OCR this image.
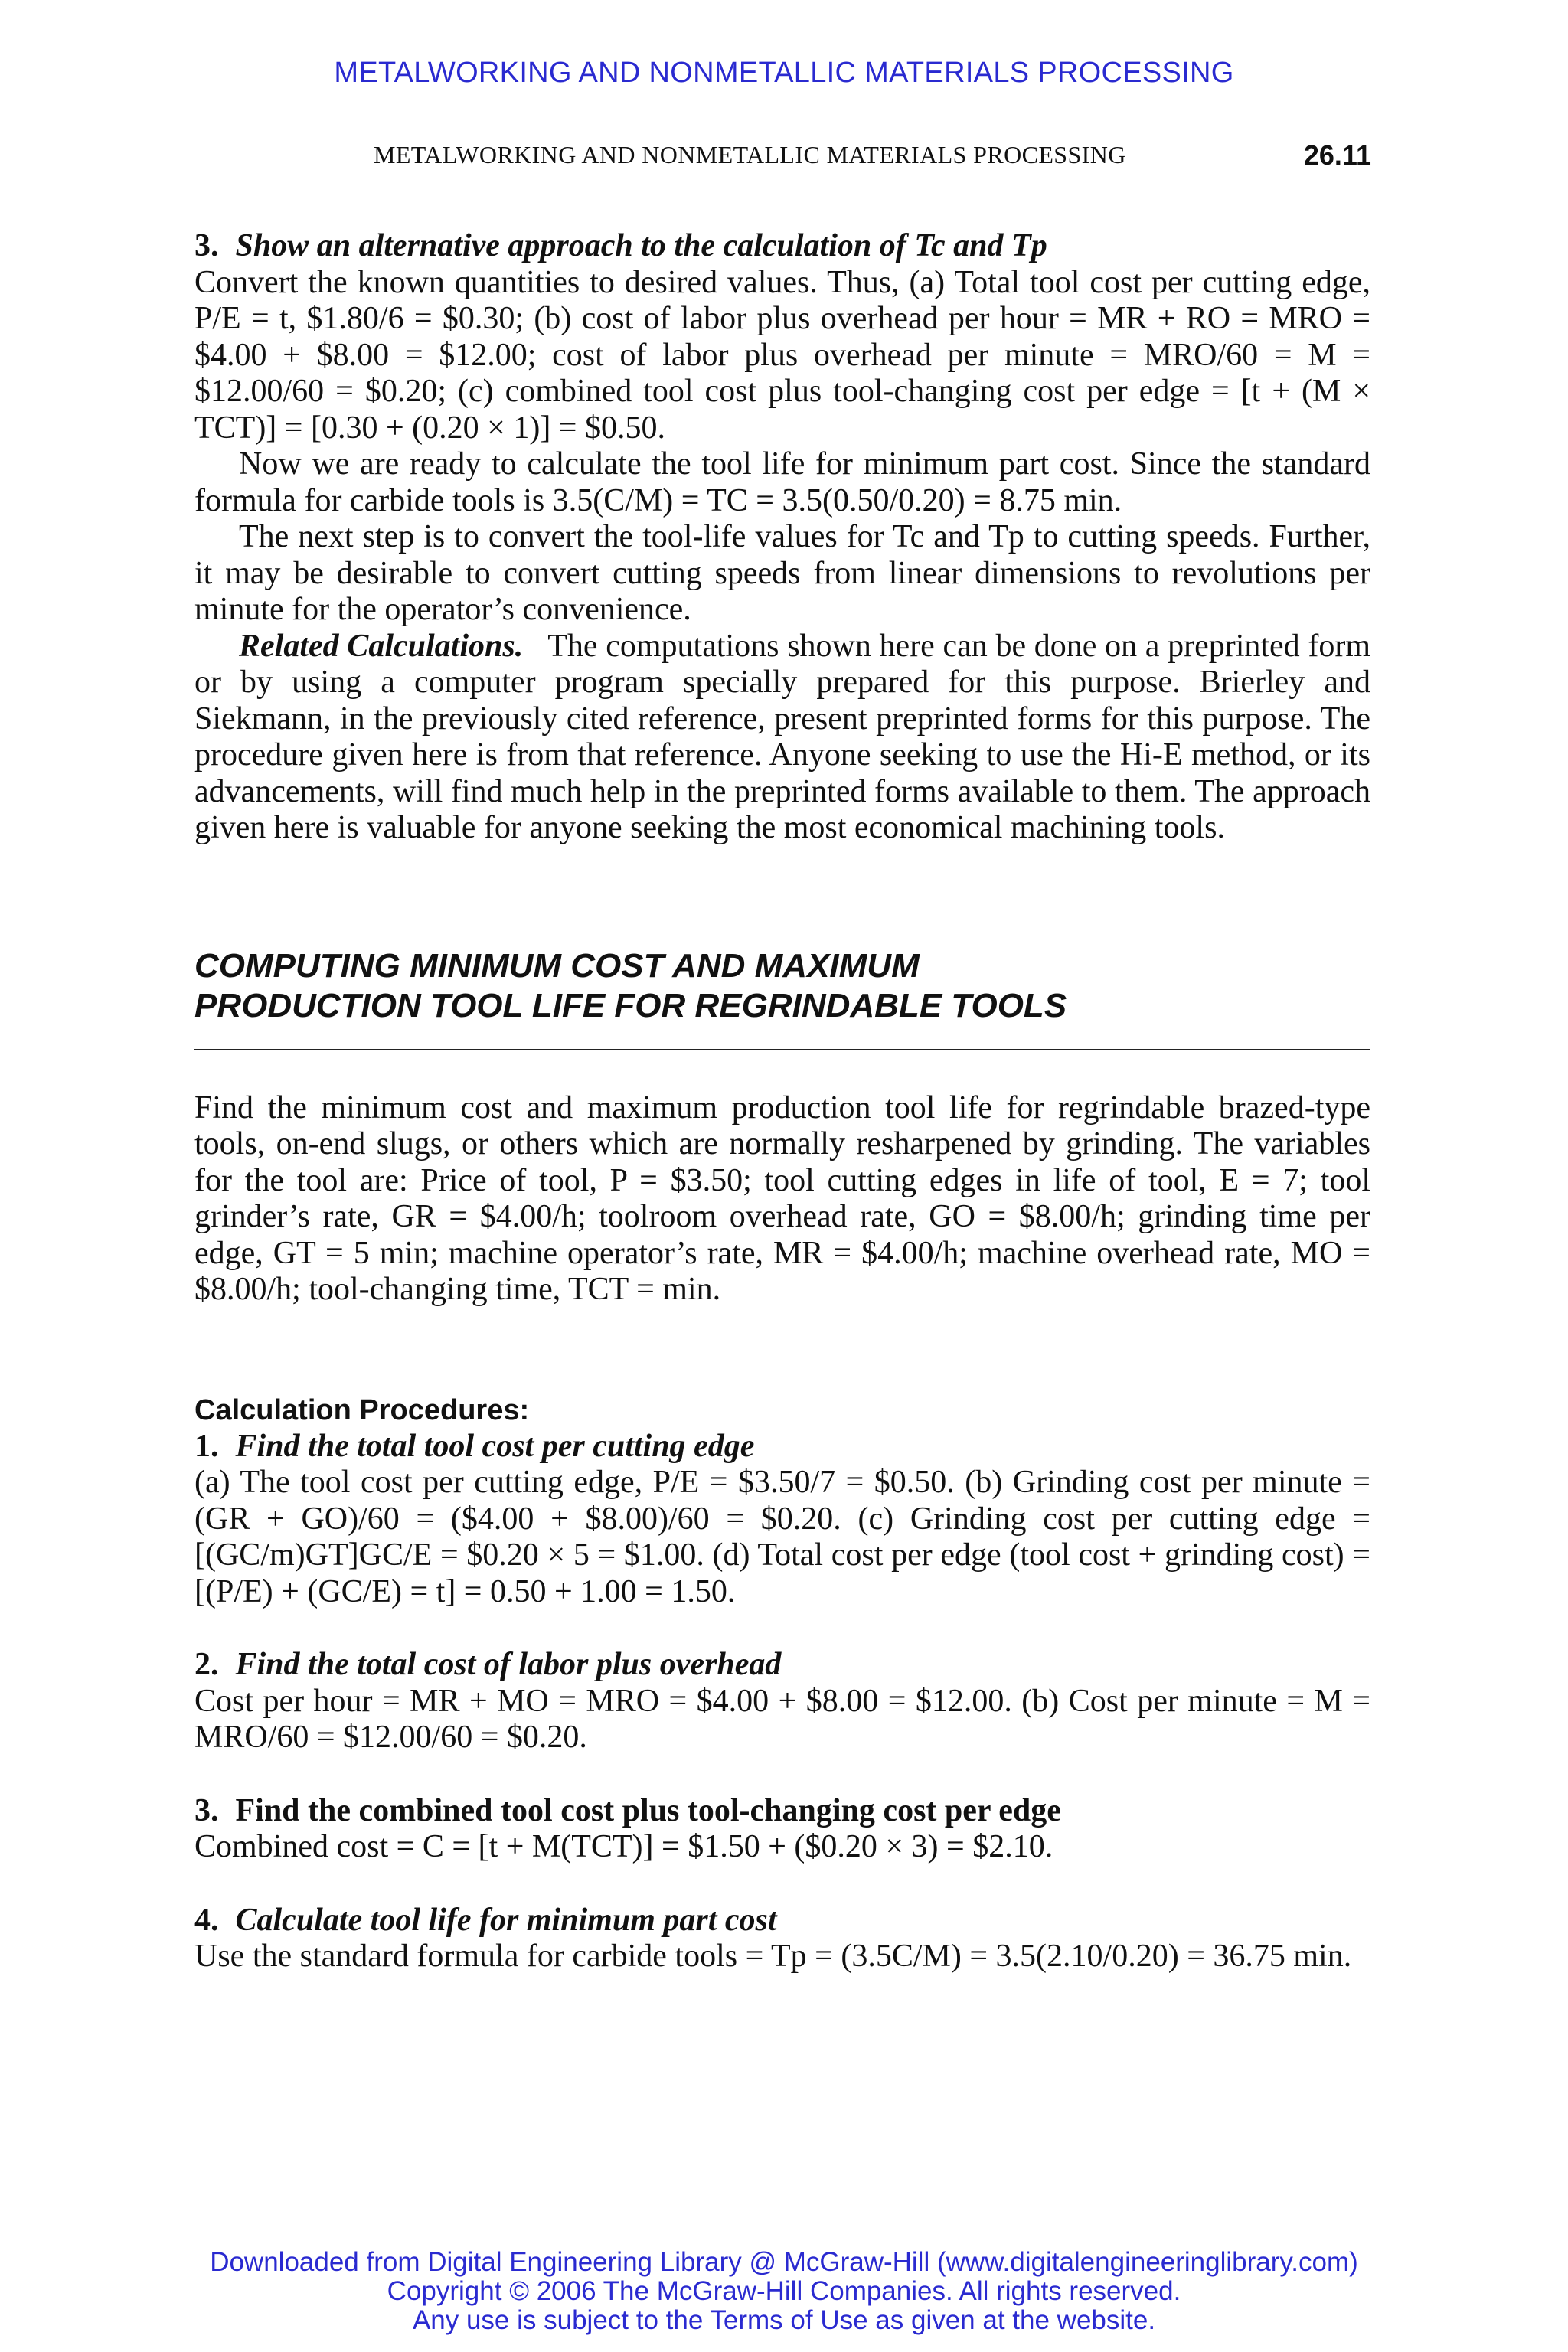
METALWORKING AND NONMETALLIC MATERIALS PROCESSING
METALWORKING AND NONMETALLIC MATERIALS PROCESSING	26.11

3. Show an alternative approach to the calculation of Tc and Tp

Convert the known quantities to desired values. Thus, (a) Total tool cost per cutting edge, P/E = t, $1.80/6 = $0.30; (b) cost of labor plus overhead per hour = MR + RO = MRO = $4.00 + $8.00 = $12.00; cost of labor plus overhead per minute = MRO/60 = M = $12.00/60 = $0.20; (c) combined tool cost plus tool-changing cost per edge = [t + (M × TCT)] = [0.30 + (0.20 × 1)] = $0.50.

Now we are ready to calculate the tool life for minimum part cost. Since the standard formula for carbide tools is 3.5(C/M) = TC = 3.5(0.50/0.20) = 8.75 min.

The next step is to convert the tool-life values for Tc and Tp to cutting speeds. Further, it may be desirable to convert cutting speeds from linear dimensions to revolutions per minute for the operator’s convenience.

Related Calculations. The computations shown here can be done on a preprinted form or by using a computer program specially prepared for this purpose. Brierley and Siekmann, in the previously cited reference, present preprinted forms for this purpose. The procedure given here is from that reference. Anyone seeking to use the Hi-E method, or its advancements, will find much help in the preprinted forms available to them. The approach given here is valuable for anyone seeking the most economical machining tools.

COMPUTING MINIMUM COST AND MAXIMUM PRODUCTION TOOL LIFE FOR REGRINDABLE TOOLS

Find the minimum cost and maximum production tool life for regrindable brazed-type tools, on-end slugs, or others which are normally resharpened by grinding. The variables for the tool are: Price of tool, P = $3.50; tool cutting edges in life of tool, E = 7; tool grinder’s rate, GR = $4.00/h; toolroom overhead rate, GO = $8.00/h; grinding time per edge, GT = 5 min; machine operator’s rate, MR = $4.00/h; machine overhead rate, MO = $8.00/h; tool-changing time, TCT = min.

Calculation Procedures:

1. Find the total tool cost per cutting edge

(a) The tool cost per cutting edge, P/E = $3.50/7 = $0.50. (b) Grinding cost per minute = (GR + GO)/60 = ($4.00 + $8.00)/60 = $0.20. (c) Grinding cost per cutting edge = [(GC/m)GT]GC/E = $0.20 × 5 = $1.00. (d) Total cost per edge (tool cost + grinding cost) = [(P/E) + (GC/E) = t] = 0.50 + 1.00 = 1.50.

2. Find the total cost of labor plus overhead

Cost per hour = MR + MO = MRO = $4.00 + $8.00 = $12.00. (b) Cost per minute = M = MRO/60 = $12.00/60 = $0.20.

3. Find the combined tool cost plus tool-changing cost per edge

Combined cost = C = [t + M(TCT)] = $1.50 + ($0.20 × 3) = $2.10.

4. Calculate tool life for minimum part cost

Use the standard formula for carbide tools = Tp = (3.5C/M) = 3.5(2.10/0.20) = 36.75 min.

Downloaded from Digital Engineering Library @ McGraw-Hill (www.digitalengineeringlibrary.com)
Copyright © 2006 The McGraw-Hill Companies. All rights reserved.
Any use is subject to the Terms of Use as given at the website.
